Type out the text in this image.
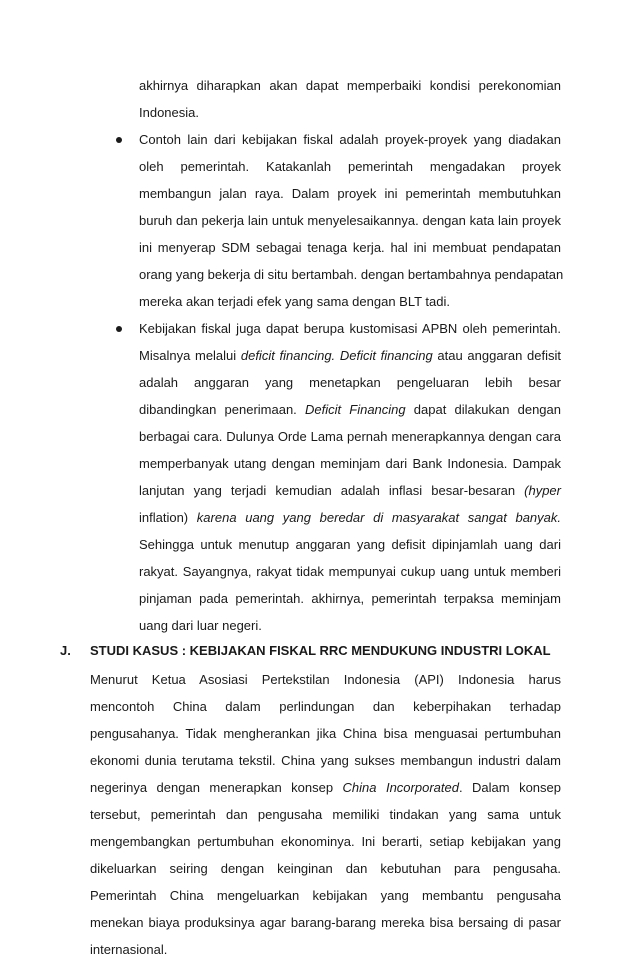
akhirnya diharapkan akan dapat memperbaiki kondisi perekonomian
Indonesia.
Contoh lain dari kebijakan fiskal adalah proyek-proyek yang diadakan
oleh pemerintah. Katakanlah pemerintah mengadakan proyek
membangun jalan raya. Dalam proyek ini pemerintah membutuhkan
buruh dan pekerja lain untuk menyelesaikannya. dengan kata lain proyek
ini menyerap SDM sebagai tenaga kerja. hal ini membuat pendapatan
orang yang bekerja di situ bertambah. dengan bertambahnya pendapatan
mereka akan terjadi efek yang sama dengan BLT tadi.
Kebijakan fiskal juga dapat berupa kustomisasi APBN oleh pemerintah.
Misalnya melalui deficit financing. Deficit financing atau anggaran defisit
adalah anggaran yang menetapkan pengeluaran lebih besar
dibandingkan penerimaan. Deficit Financing dapat dilakukan dengan
berbagai cara. Dulunya Orde Lama pernah menerapkannya dengan cara
memperbanyak utang dengan meminjam dari Bank Indonesia. Dampak
lanjutan yang terjadi kemudian adalah inflasi besar-besaran (hyper
inflation) karena uang yang beredar di masyarakat sangat banyak.
Sehingga untuk menutup anggaran yang defisit dipinjamlah uang dari
rakyat. Sayangnya, rakyat tidak mempunyai cukup uang untuk memberi
pinjaman pada pemerintah. akhirnya, pemerintah terpaksa meminjam
uang dari luar negeri.
J. STUDI KASUS : KEBIJAKAN FISKAL RRC MENDUKUNG INDUSTRI LOKAL
Menurut Ketua Asosiasi Pertekstilan Indonesia (API) Indonesia harus
mencontoh China dalam perlindungan dan keberpihakan terhadap
pengusahanya. Tidak mengherankan jika China bisa menguasai pertumbuhan
ekonomi dunia terutama tekstil. China yang sukses membangun industri dalam
negerinya dengan menerapkan konsep China Incorporated. Dalam konsep
tersebut, pemerintah dan pengusaha memiliki tindakan yang sama untuk
mengembangkan pertumbuhan ekonominya. Ini berarti, setiap kebijakan yang
dikeluarkan seiring dengan keinginan dan kebutuhan para pengusaha.
Pemerintah China mengeluarkan kebijakan yang membantu pengusaha
menekan biaya produksinya agar barang-barang mereka bisa bersaing di pasar
internasional.
